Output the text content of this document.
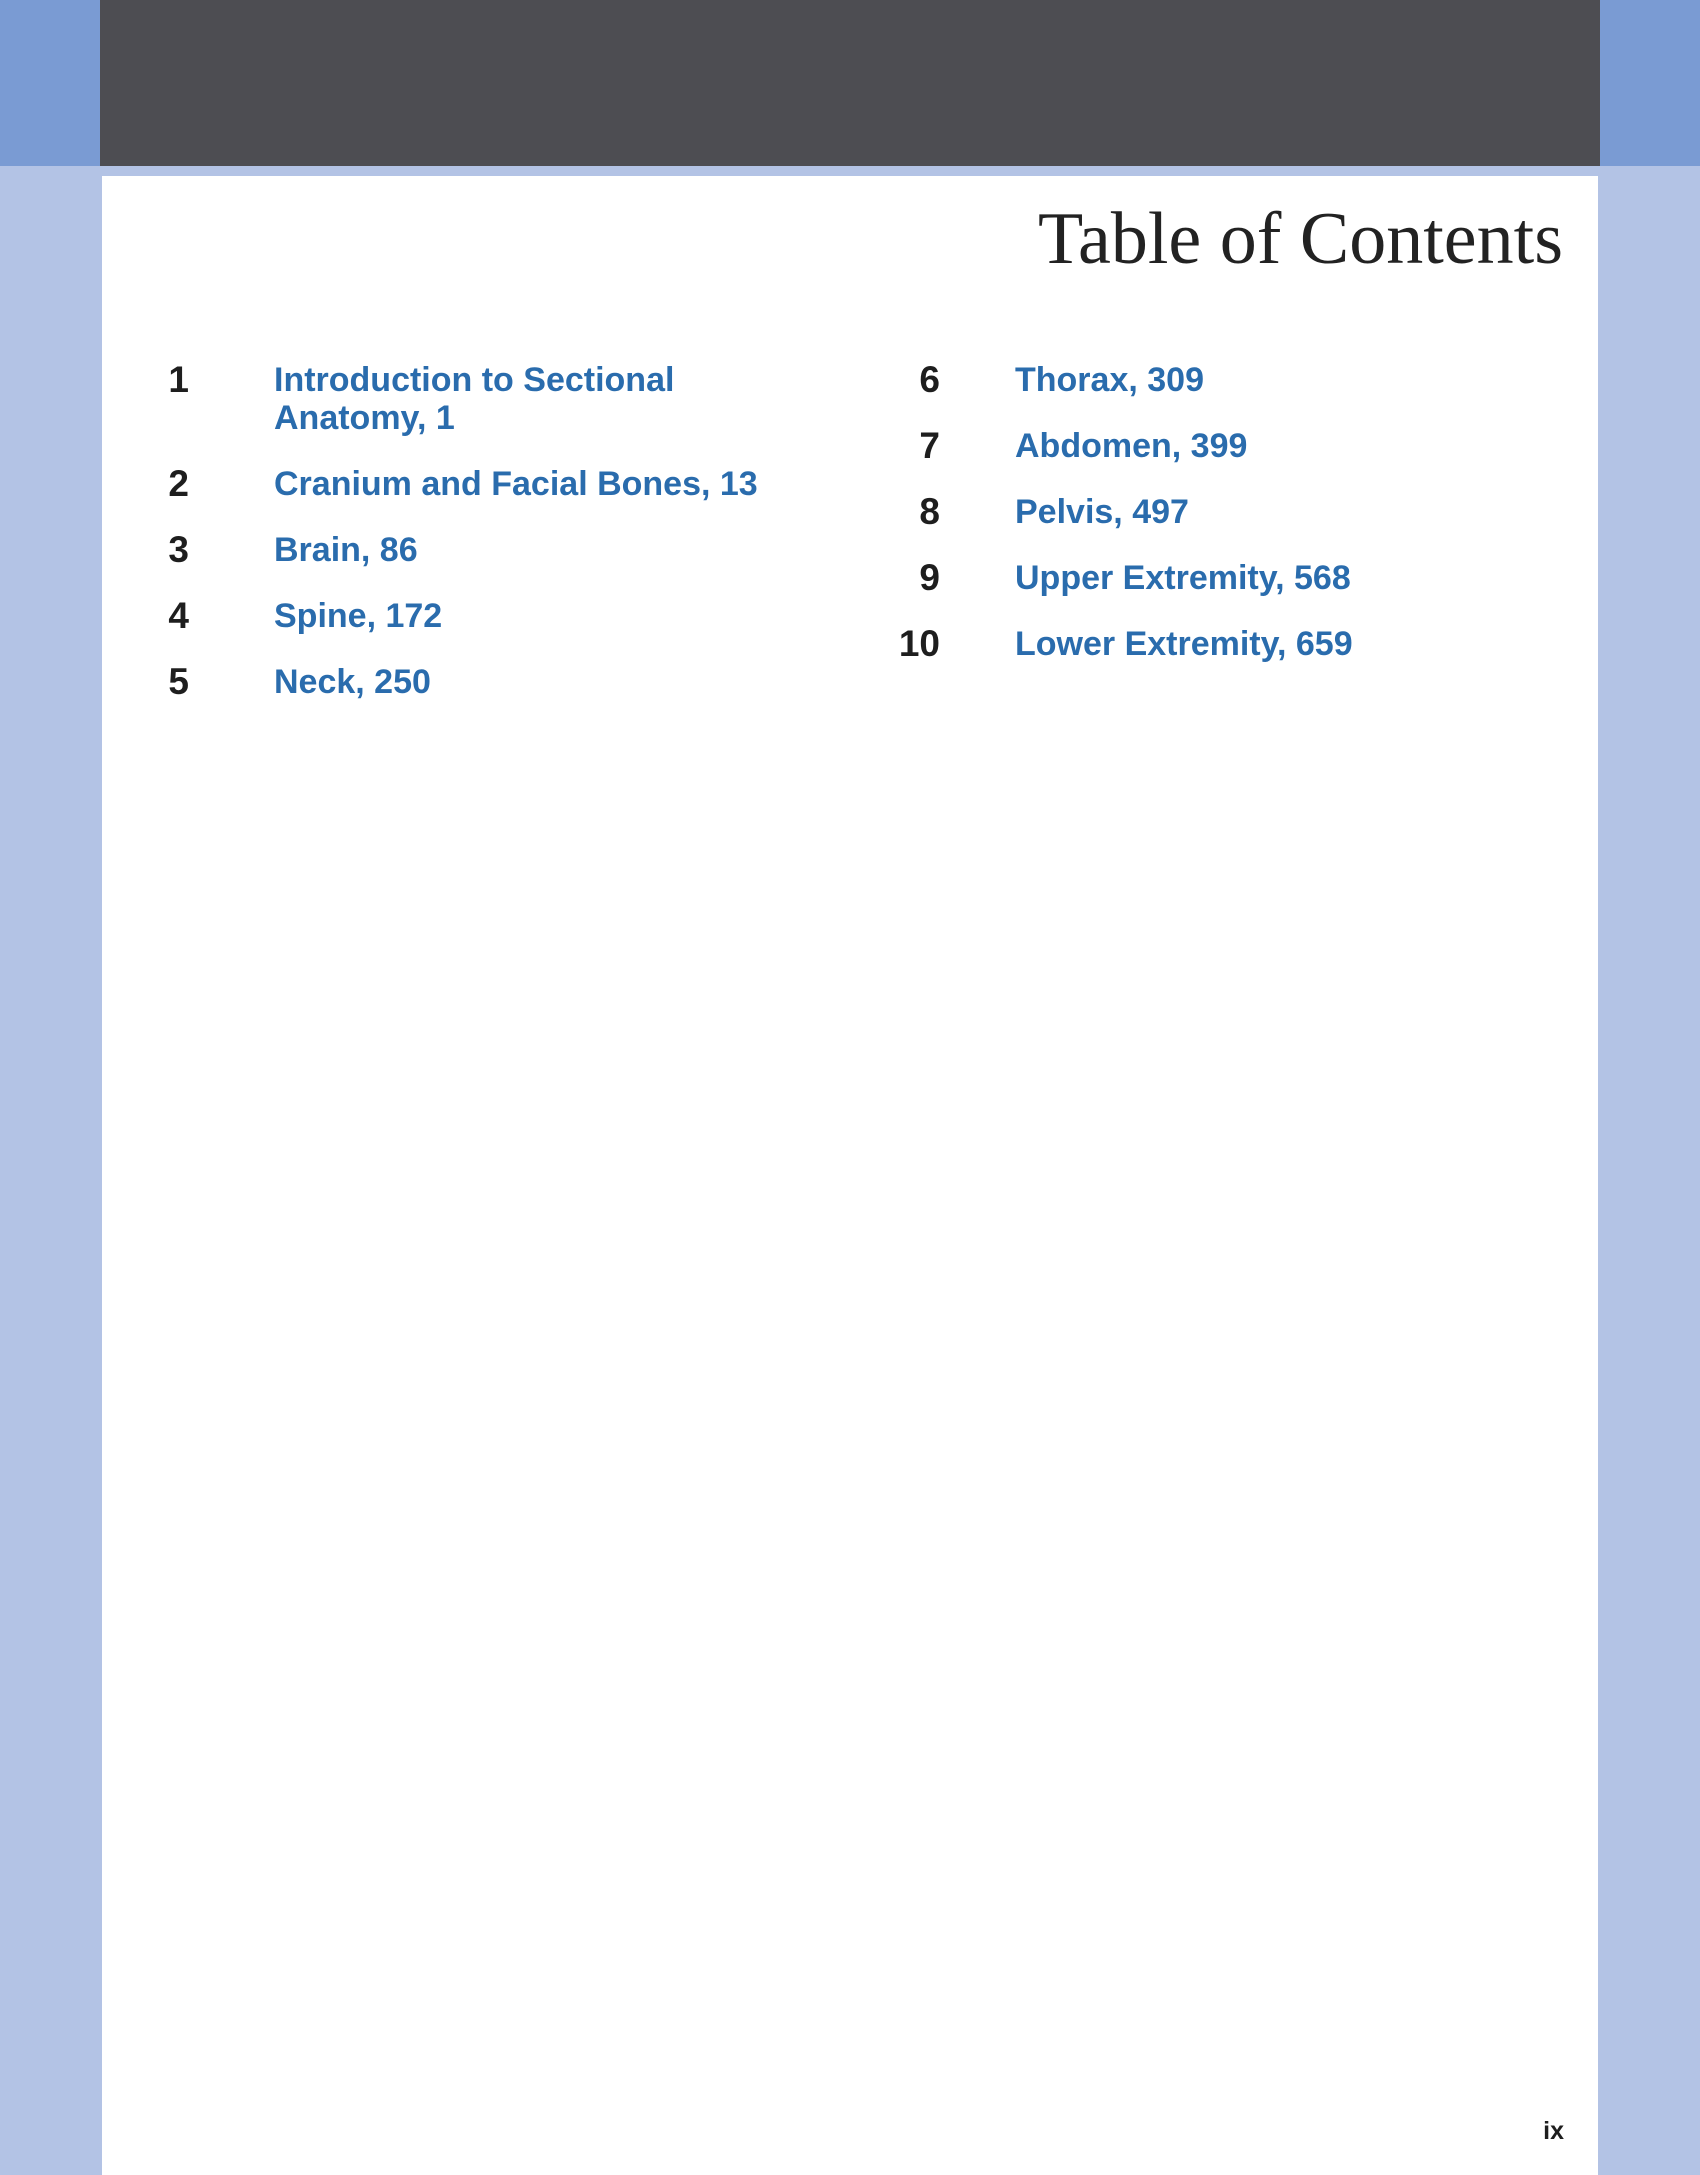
Table of Contents
1	Introduction to Sectional Anatomy, 1
2	Cranium and Facial Bones, 13
3	Brain, 86
4	Spine, 172
5	Neck, 250
6 Thorax, 309
7 Abdomen, 399
8 Pelvis, 497
9 Upper Extremity, 568
10 Lower Extremity, 659
ix
